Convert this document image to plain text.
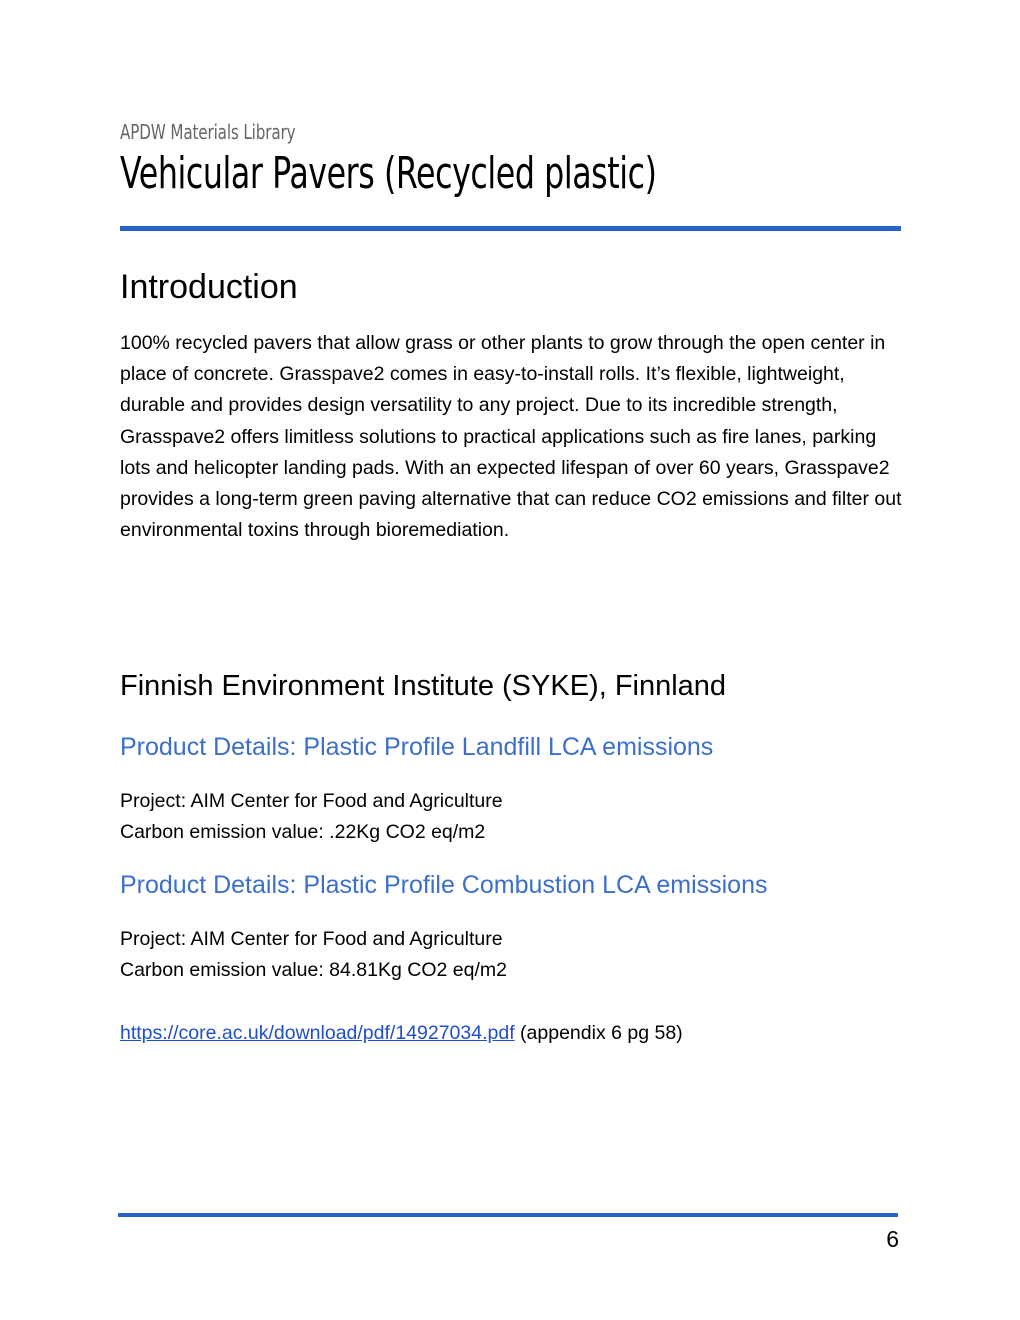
APDW Materials Library
Vehicular Pavers (Recycled plastic)
Introduction

100% recycled pavers that allow grass or other plants to grow through the open center in place of concrete. Grasspave2 comes in easy-to-install rolls. It’s flexible, lightweight, durable and provides design versatility to any project. Due to its incredible strength, Grasspave2 offers limitless solutions to practical applications such as fire lanes, parking lots and helicopter landing pads. With an expected lifespan of over 60 years, Grasspave2 provides a long-term green paving alternative that can reduce CO2 emissions and filter out environmental toxins through bioremediation.

Finnish Environment Institute (SYKE), Finnland
Product Details: Plastic Profile Landfill LCA emissions
Project: AIM Center for Food and Agriculture
Carbon emission value: .22Kg CO2 eq/m2
Product Details: Plastic Profile Combustion LCA emissions
Project: AIM Center for Food and Agriculture
Carbon emission value: 84.81Kg CO2 eq/m2
https://core.ac.uk/download/pdf/14927034.pdf (appendix 6 pg 58)
6
